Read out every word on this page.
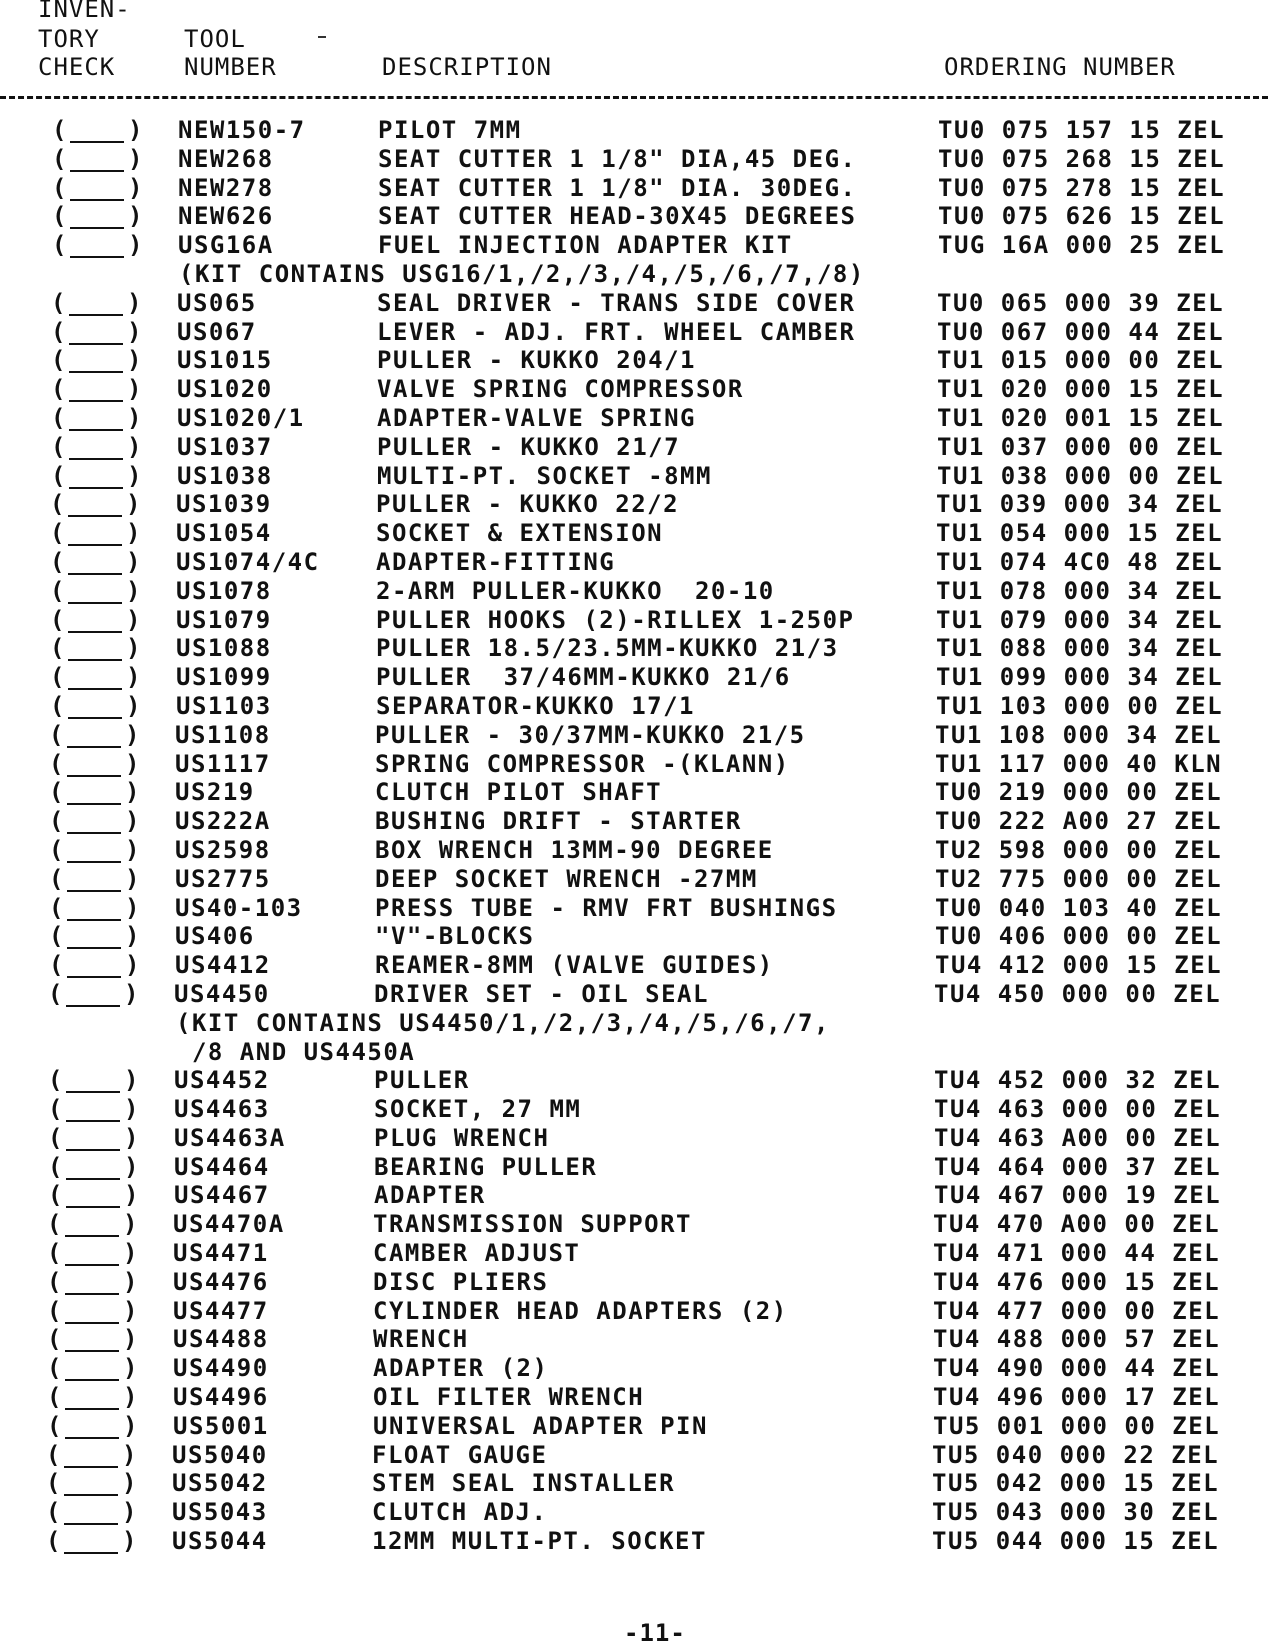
INVEN-
TORY
CHECK
TOOL
NUMBER	DESCRIPTION	ORDERING NUMBER
(	) NEW150-7	PILOT 7MM	TU0 075 157 15 ZEL
(	) NEW268	SEAT CUTTER 1 1/8" DIA,45 DEG.	TU0 075 268 15 ZEL
(	) NEW278	SEAT CUTTER 1 1/8" DIA. 30DEG.	TU0 075 278 15 ZEL
(	) NEW626	SEAT CUTTER HEAD-30X45 DEGREES	TU0 075 626 15 ZEL
(	) USG16A	FUEL INJECTION ADAPTER KIT	TUG 16A 000 25 ZEL
(KIT CONTAINS USG16/1,/2,/3,/4,/5,/6,/7,/8)
(	) US065	SEAL DRIVER - TRANS SIDE COVER	TU0 065 000 39 ZEL
(	) US067	LEVER - ADJ. FRT. WHEEL CAMBER	TU0 067 000 44 ZEL
(	) US1015	PULLER - KUKKO 204/1	TU1 015 000 00 ZEL
(	) US1020	VALVE SPRING COMPRESSOR	TU1 020 000 15 ZEL
(	) US1020/1	ADAPTER-VALVE SPRING	TU1 020 001 15 ZEL
(	) US1037	PULLER - KUKKO 21/7	TU1 037 000 00 ZEL
(	) US1038	MULTI-PT. SOCKET -8MM	TU1 038 000 00 ZEL
(	) US1039	PULLER - KUKKO 22/2	TU1 039 000 34 ZEL
(	) US1054	SOCKET & EXTENSION	TU1 054 000 15 ZEL
(	) US1074/4C ADAPTER-FITTING	TU1 074 4C0 48 ZEL
(	) US1078	2-ARM PULLER-KUKKO  20-10	TU1 078 000 34 ZEL
(	) US1079	PULLER HOOKS (2)-RILLEX 1-250P	TU1 079 000 34 ZEL
(	) US1088	PULLER 18.5/23.5MM-KUKKO 21/3	TU1 088 000 34 ZEL
(	) US1099	PULLER  37/46MM-KUKKO 21/6	TU1 099 000 34 ZEL
(	) US1103	SEPARATOR-KUKKO 17/1	TU1 103 000 00 ZEL
(	) US1108	PULLER - 30/37MM-KUKKO 21/5	TU1 108 000 34 ZEL
(	) US1117	SPRING COMPRESSOR -(KLANN)	TU1 117 000 40 KLN
(	) US219	CLUTCH PILOT SHAFT	TU0 219 000 00 ZEL
(	) US222A	BUSHING DRIFT - STARTER	TU0 222 A00 27 ZEL
(	) US2598	BOX WRENCH 13MM-90 DEGREE	TU2 598 000 00 ZEL
(	) US2775	DEEP SOCKET WRENCH -27MM	TU2 775 000 00 ZEL
(	) US40-103	PRESS TUBE - RMV FRT BUSHINGS	TU0 040 103 40 ZEL
(	) US406	"V"-BLOCKS	TU0 406 000 00 ZEL
(	) US4412	REAMER-8MM (VALVE GUIDES)	TU4 412 000 15 ZEL
(	) US4450	DRIVER SET - OIL SEAL	TU4 450 000 00 ZEL
(KIT CONTAINS US4450/1,/2,/3,/4,/5,/6,/7,
/8 AND US4450A
(	) US4452	PULLER	TU4 452 000 32 ZEL
(	) US4463	SOCKET, 27 MM	TU4 463 000 00 ZEL
(	) US4463A	PLUG WRENCH	TU4 463 A00 00 ZEL
(	) US4464	BEARING PULLER	TU4 464 000 37 ZEL
(	) US4467	ADAPTER	TU4 467 000 19 ZEL
(	) US4470A	TRANSMISSION SUPPORT	TU4 470 A00 00 ZEL
(	) US4471	CAMBER ADJUST	TU4 471 000 44 ZEL
(	) US4476	DISC PLIERS	TU4 476 000 15 ZEL
(	) US4477	CYLINDER HEAD ADAPTERS (2)	TU4 477 000 00 ZEL
(	) US4488	WRENCH	TU4 488 000 57 ZEL
(	) US4490	ADAPTER (2)	TU4 490 000 44 ZEL
(	) US4496	OIL FILTER WRENCH	TU4 496 000 17 ZEL
(	) US5001	UNIVERSAL ADAPTER PIN	TU5 001 000 00 ZEL
(	) US5040	FLOAT GAUGE	TU5 040 000 22 ZEL
(	) US5042	STEM SEAL INSTALLER	TU5 042 000 15 ZEL
(	) US5043	CLUTCH ADJ.	TU5 043 000 30 ZEL
(	) US5044	12MM MULTI-PT. SOCKET	TU5 044 000 15 ZEL
-11-
